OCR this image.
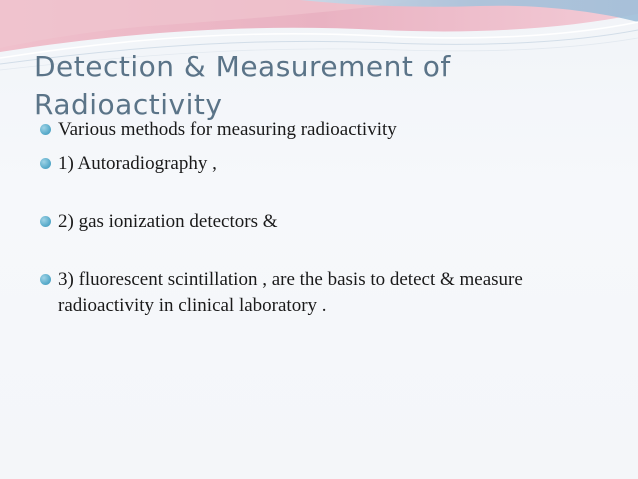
Detection & Measurement of Radioactivity
Various methods for measuring radioactivity
1) Autoradiography ,
2) gas ionization detectors &
3) fluorescent scintillation , are the basis to detect & measure radioactivity in clinical laboratory .
